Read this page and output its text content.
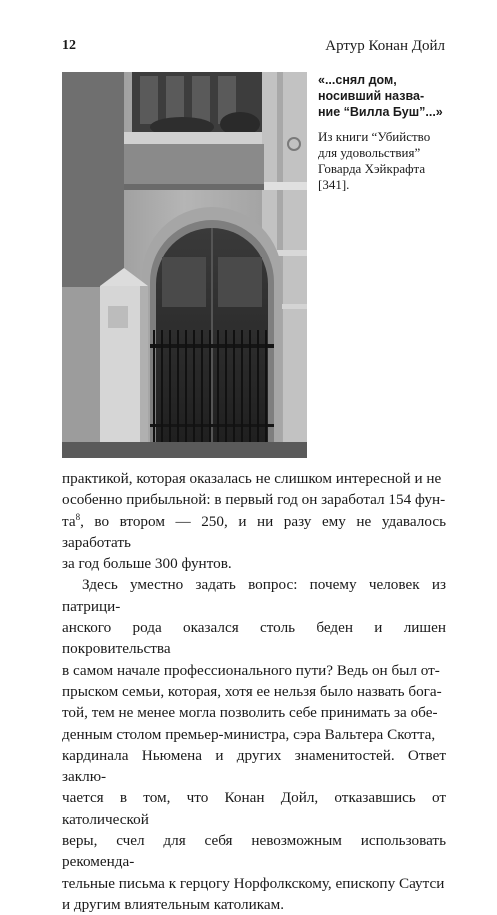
12	Артур Конан Дойл

«...снял дом,
носивший назва-
ние “Вилла Буш”...»

Из книги “Убийство
для удовольствия”
Говарда Хэйкрафта
[341].

практикой, которая оказалась не слишком интересной и не
особенно прибыльной: в первый год он заработал 154 фун-
$та^8$, во втором — 250, и ни разу ему не удавалось заработать
за год больше 300 фунтов.

Здесь уместно задать вопрос: почему человек из патрици-
анского рода оказался столь беден и лишен покровительства
в самом начале профессионального пути? Ведь он был от-
прыском семьи, которая, хотя ее нельзя было назвать бога-
той, тем не менее могла позволить себе принимать за обе-
денным столом премьер-министра, сэра Вальтера Скотта,
кардинала Ньюмена и других знаменитостей. Ответ заклю-
чается в том, что Конан Дойл, отказавшись от католической
веры, счел для себя невозможным использовать рекоменда-
тельные письма к герцогу Норфолкскому, епископу Саутси
и другим влиятельным католикам.
